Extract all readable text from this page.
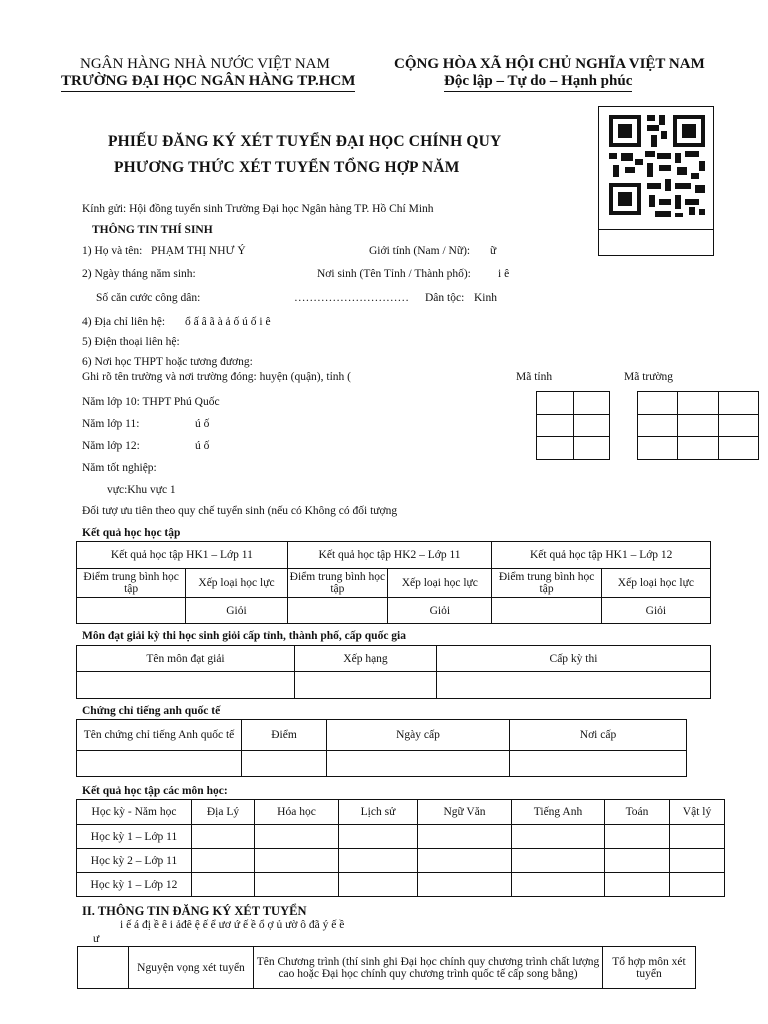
NGÂN HÀNG NHÀ NƯỚC VIỆT NAM
TRƯỜNG ĐẠI HỌC NGÂN HÀNG TP.HCM
CỘNG HÒA XÃ HỘI CHỦ NGHĨA VIỆT NAM
Độc lập – Tự do – Hạnh phúc
PHIẾU ĐĂNG KÝ XÉT TUYỂN ĐẠI HỌC CHÍNH QUY
PHƯƠNG THỨC XÉT TUYỂN TỔNG HỢP NĂM
Kính gửi: Hội đồng tuyển sinh Trường Đại học Ngân hàng TP. Hồ Chí Minh
THÔNG TIN THÍ SINH
1) Họ và tên: PHẠM THỊ NHƯ Ý	Giới tính (Nam / Nữ): ữ
2) Ngày tháng năm sinh:	Nơi sinh (Tên Tỉnh / Thành phố): i ê
Số căn cước công dân:	………………………… Dân tộc: Kinh
4) Địa chỉ liên hệ: ổ ấ â ã à ả ố ú ố i ê
5) Điện thoại liên hệ:
6) Nơi học THPT hoặc tương đương:
Ghi rõ tên trường và nơi trường đóng: huyện (quận), tỉnh (	Mã tỉnh	Mã trường

Năm lớp 10: THPT Phú Quốc
Năm lớp 11:	ú ố
Năm lớp 12:	ú ố
Năm tốt nghiệp:
vực:Khu vực 1
Đối tượ ưu tiên theo quy chế tuyển sinh (nếu có Không có đối tượng
Kết quả học học tập
Kết quả học tập HK1 – Lớp 11		Kết quả học tập HK2 – Lớp 11		Kết quả học tập HK1 – Lớp 12	
Điểm trung bình học tập	Xếp loại học lực	Điểm trung bình học tập	Xếp loại học lực	Điểm trung bình học tập	Xếp loại học lực
	Giỏi		Giỏi		Giỏi
Môn đạt giải kỳ thi học sinh giỏi cấp tỉnh, thành phố, cấp quốc gia
Tên môn đạt giải	Xếp hạng	Cấp kỳ thi

Chứng chỉ tiếng anh quốc tế
Tên chứng chỉ tiếng Anh quốc tế	Điểm	Ngày cấp	Nơi cấp

Kết quả học tập các môn học:
Học kỳ - Năm học	Địa Lý	Hóa học	Lịch sử	Ngữ Văn	Tiếng Anh	Toán	Vật lý
Học kỳ 1 – Lớp 11							
Học kỳ 2 – Lớp 11							
Học kỳ 1 – Lớp 12							
II. THÔNG TIN ĐĂNG KÝ XÉT TUYỂN
i ế á đị ề ê i ảđê ệ ế ể ươ ứ ế ề ổ ợ ủ ườ ô đã ý ế ề
ư
	Nguyện vọng xét tuyển	Tên Chương trình (thí sinh ghi Đại học chính quy chương trình chất lượng cao hoặc Đại học chính quy chương trình quốc tế cấp song bằng)	Tổ hợp môn xét tuyển
